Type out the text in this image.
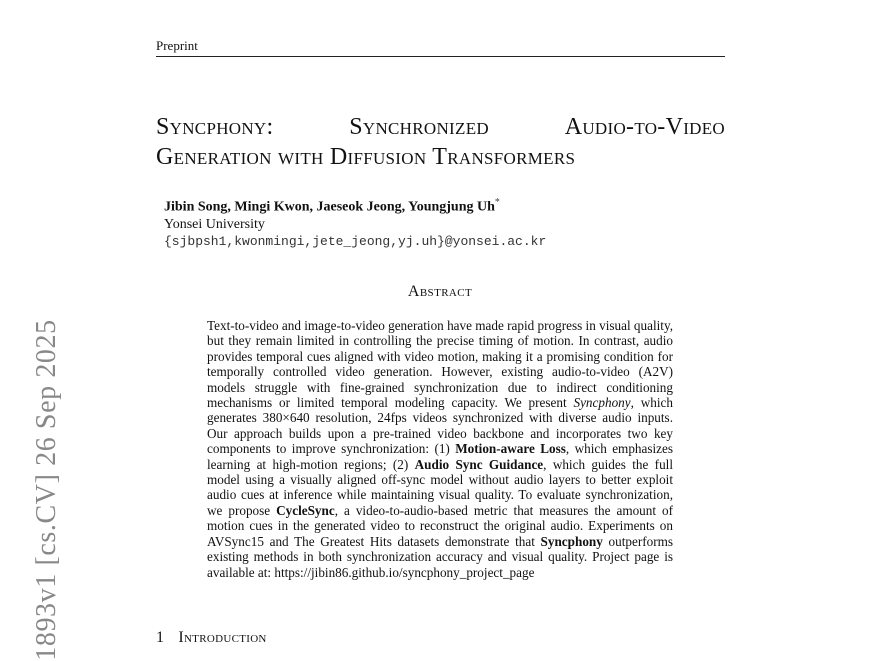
Preprint
Syncphony:	Synchronized	Audio-to-Video
Generation with Diffusion Transformers
Jibin Song, Mingi Kwon, Jaeseok Jeong, Youngjung Uh*
Yonsei University
{sjbpsh1,kwonmingi,jete_jeong,yj.uh}@yonsei.ac.kr
Abstract

Text-to-video and image-to-video generation have made rapid progress in visual quality, but they remain limited in controlling the precise timing of motion. In contrast, audio provides temporal cues aligned with video motion, making it a promising condition for temporally controlled video generation. However, existing audio-to-video (A2V) models struggle with fine-grained synchronization due to indirect conditioning mechanisms or limited temporal modeling capacity. We present Syncphony, which generates 380×640 resolution, 24fps videos synchronized with diverse audio inputs. Our approach builds upon a pre-trained video backbone and incorporates two key components to improve synchronization: (1) Motion-aware Loss, which emphasizes learning at high-motion regions; (2) Audio Sync Guidance, which guides the full model using a visually aligned off-sync model without audio layers to better exploit audio cues at inference while maintaining visual quality. To evaluate synchronization, we propose CycleSync, a video-to-audio-based metric that measures the amount of motion cues in the generated video to reconstruct the original audio. Experiments on AVSync15 and The Greatest Hits datasets demonstrate that Syncphony outperforms existing methods in both synchronization accuracy and visual quality. Project page is available at: https://jibin86.github.io/syncphony_project_page

1 Introduction
1893v1 [cs.CV] 26 Sep 2025
